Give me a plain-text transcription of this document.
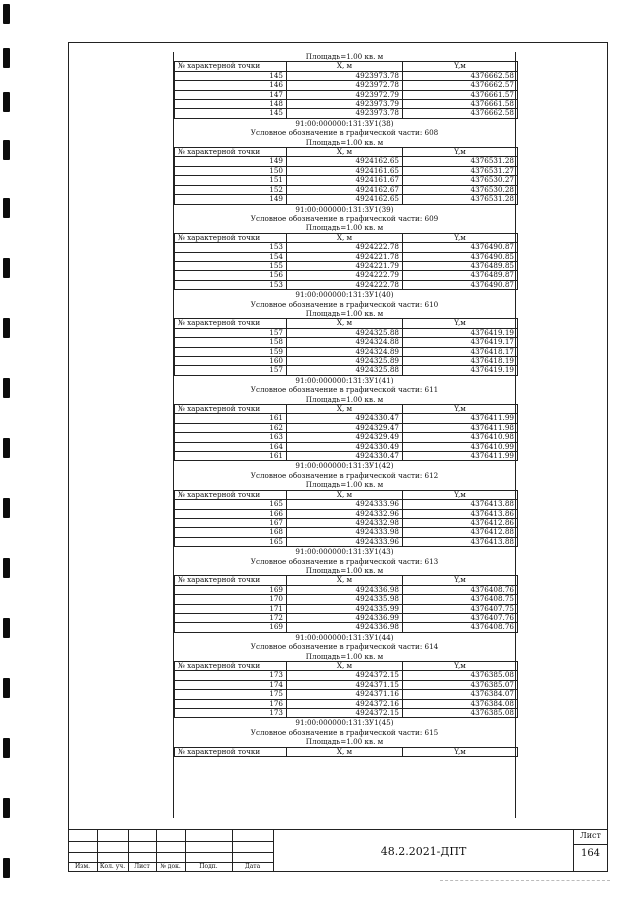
Площадь=1.00 кв. м
№ характерной точки	X, м	Y,м
145	4923973.78	4376662.58
146	4923972.78	4376662.57
147	4923972.79	4376661.57
148	4923973.79	4376661.58
145	4923973.78	4376662.58
91:00:000000:131:ЗУ1(38)
Условное обозначение в графической части: 608
Площадь=1.00 кв. м
№ характерной точки	X, м	Y,м
149	4924162.65	4376531.28
150	4924161.65	4376531.27
151	4924161.67	4376530.27
152	4924162.67	4376530.28
149	4924162.65	4376531.28
91:00:000000:131:ЗУ1(39)
Условное обозначение в графической части: 609
Площадь=1.00 кв. м
№ характерной точки	X, м	Y,м
153	4924222.78	4376490.87
154	4924221.78	4376490.85
155	4924221.79	4376489.85
156	4924222.79	4376489.87
153	4924222.78	4376490.87
91:00:000000:131:ЗУ1(40)
Условное обозначение в графической части: 610
Площадь=1.00 кв. м
№ характерной точки	X, м	Y,м
157	4924325.88	4376419.19
158	4924324.88	4376419.17
159	4924324.89	4376418.17
160	4924325.89	4376418.19
157	4924325.88	4376419.19
91:00:000000:131:ЗУ1(41)
Условное обозначение в графической части: 611
Площадь=1.00 кв. м
№ характерной точки	X, м	Y,м
161	4924330.47	4376411.99
162	4924329.47	4376411.98
163	4924329.49	4376410.98
164	4924330.49	4376410.99
161	4924330.47	4376411.99
91:00:000000:131:ЗУ1(42)
Условное обозначение в графической части: 612
Площадь=1.00 кв. м
№ характерной точки	X, м	Y,м
165	4924333.96	4376413.88
166	4924332.96	4376413.86
167	4924332.98	4376412.86
168	4924333.98	4376412.88
165	4924333.96	4376413.88
91:00:000000:131:ЗУ1(43)
Условное обозначение в графической части: 613
Площадь=1.00 кв. м
№ характерной точки	X, м	Y,м
169	4924336.98	4376408.76
170	4924335.98	4376408.75
171	4924335.99	4376407.75
172	4924336.99	4376407.76
169	4924336.98	4376408.76
91:00:000000:131:ЗУ1(44)
Условное обозначение в графической части: 614
Площадь=1.00 кв. м
№ характерной точки	X, м	Y,м
173	4924372.15	4376385.08
174	4924371.15	4376385.07
175	4924371.16	4376384.07
176	4924372.16	4376384.08
173	4924372.15	4376385.08
91:00:000000:131:ЗУ1(45)
Условное обозначение в графической части: 615
Площадь=1.00 кв. м
№ характерной точки	X, м	Y,м
Изм.	Кол. уч.	Лист	№ док.	Подп.	Дата
48.2.2021-ДПТ
Лист
164
